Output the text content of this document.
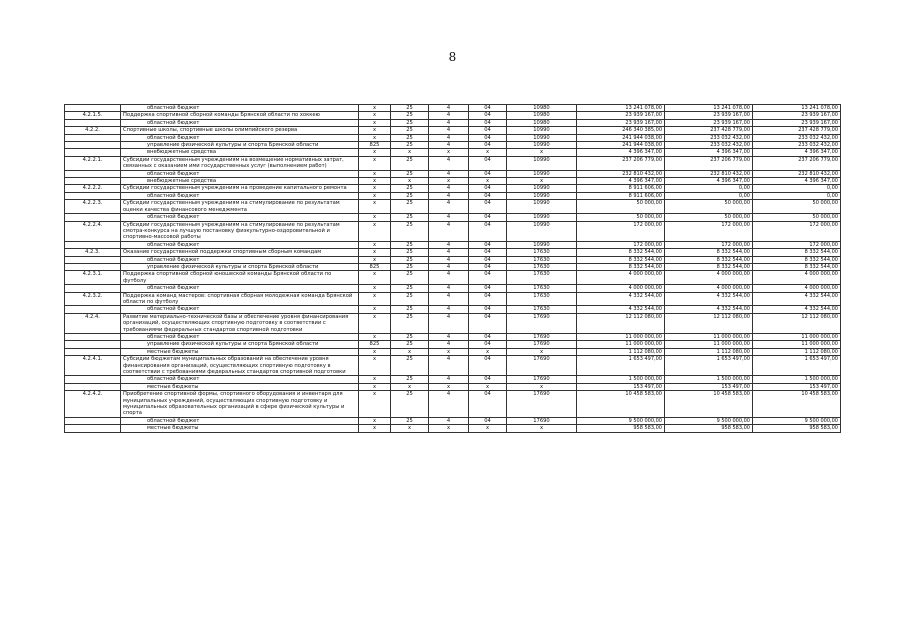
8
	областной бюджет	х	25	4	04	10980	13 241 078,00	13 241 078,00	13 241 078,00
4.2.1.5.	Поддержка спортивной сборной команды Брянской области по хоккею	х	25	4	04	10980	23 939 167,00	23 939 167,00	23 939 167,00
	областной бюджет	х	25	4	04	10980	23 939 167,00	23 939 167,00	23 939 167,00
4.2.2.	Спортивные школы, спортивные школы олимпийского резерва	х	25	4	04	10990	246 340 385,00	237 428 779,00	237 428 779,00
	областной бюджет	х	25	4	04	10990	241 944 038,00	233 032 432,00	233 032 432,00
	управление физической культуры и спорта Брянской области	825	25	4	04	10990	241 944 038,00	233 032 432,00	233 032 432,00
	внебюджетные средства	х	х	х	х	х	4 396 347,00	4 396 347,00	4 396 347,00
4.2.2.1.	Субсидии государственным учреждениям на возмещение нормативных затрат, связанных с оказанием ими государственных услуг (выполнением работ)	х	25	4	04	10990	237 206 779,00	237 206 779,00	237 206 779,00
	областной бюджет	х	25	4	04	10990	232 810 432,00	232 810 432,00	232 810 432,00
	внебюджетные средства	х	х	х	х	х	4 396 347,00	4 396 347,00	4 396 347,00
4.2.2.2.	Субсидии государственным учреждениям на проведение капитального ремонта	х	25	4	04	10990	8 911 606,00	0,00	0,00
	областной бюджет	х	25	4	04	10990	8 911 606,00	0,00	0,00
4.2.2.3.	Субсидии государственным учреждениям на стимулирование по результатам оценки качества финансового менеджмента	х	25	4	04	10990	50 000,00	50 000,00	50 000,00
	областной бюджет	х	25	4	04	10990	50 000,00	50 000,00	50 000,00
4.2.2.4.	Субсидии государственным учреждениям на стимулирование по результатам смотра-конкурса на лучшую постановку физкультурно-оздоровительной и спортивно-массовой работы	х	25	4	04	10990	172 000,00	172 000,00	172 000,00
	областной бюджет	х	25	4	04	10990	172 000,00	172 000,00	172 000,00
4.2.3.	Оказание государственной поддержки спортивным сборным командам	х	25	4	04	17630	8 332 544,00	8 332 544,00	8 332 544,00
	областной бюджет	х	25	4	04	17630	8 332 544,00	8 332 544,00	8 332 544,00
	управление физической культуры и спорта Брянской области	825	25	4	04	17630	8 332 544,00	8 332 544,00	8 332 544,00
4.2.3.1.	Поддержка спортивной сборной юношеской команды Брянской области по футболу	х	25	4	04	17630	4 000 000,00	4 000 000,00	4 000 000,00
	областной бюджет	х	25	4	04	17630	4 000 000,00	4 000 000,00	4 000 000,00
4.2.3.2.	Поддержка команд мастеров: спортивная сборная молодежная команда Брянской области по футболу	х	25	4	04	17630	4 332 544,00	4 332 544,00	4 332 544,00
	областной бюджет	х	25	4	04	17630	4 332 544,00	4 332 544,00	4 332 544,00
4.2.4.	Развитие материально-технической базы и обеспечение уровня финансирования организаций, осуществляющих спортивную подготовку в соответствии с требованиями федеральных стандартов спортивной подготовки	х	25	4	04	17690	12 112 080,00	12 112 080,00	12 112 080,00
	областной бюджет	х	25	4	04	17690	11 000 000,00	11 000 000,00	11 000 000,00
	управление физической культуры и спорта Брянской области	825	25	4	04	17690	11 000 000,00	11 000 000,00	11 000 000,00
	местные бюджеты	х	х	х	х	х	1 112 080,00	1 112 080,00	1 112 080,00
4.2.4.1.	Субсидии бюджетам муниципальных образований на обеспечение уровня финансирования организаций, осуществляющих спортивную подготовку в соответствии с требованиями федеральных стандартов спортивной подготовки	х	25	4	04	17690	1 653 497,00	1 653 497,00	1 653 497,00
	областной бюджет	х	25	4	04	17690	1 500 000,00	1 500 000,00	1 500 000,00
	местные бюджеты	х	х	х	х	х	153 497,00	153 497,00	153 497,00
4.2.4.2.	Приобретение спортивной формы, спортивного оборудования и инвентаря для муниципальных учреждений, осуществляющих спортивную подготовку и муниципальных образовательных организаций в сфере физической культуры и спорта	х	25	4	04	17690	10 458 583,00	10 458 583,00	10 458 583,00
	областной бюджет	х	25	4	04	17690	9 500 000,00	9 500 000,00	9 500 000,00
	местные бюджеты	х	х	х	х	х	958 583,00	958 583,00	958 583,00
